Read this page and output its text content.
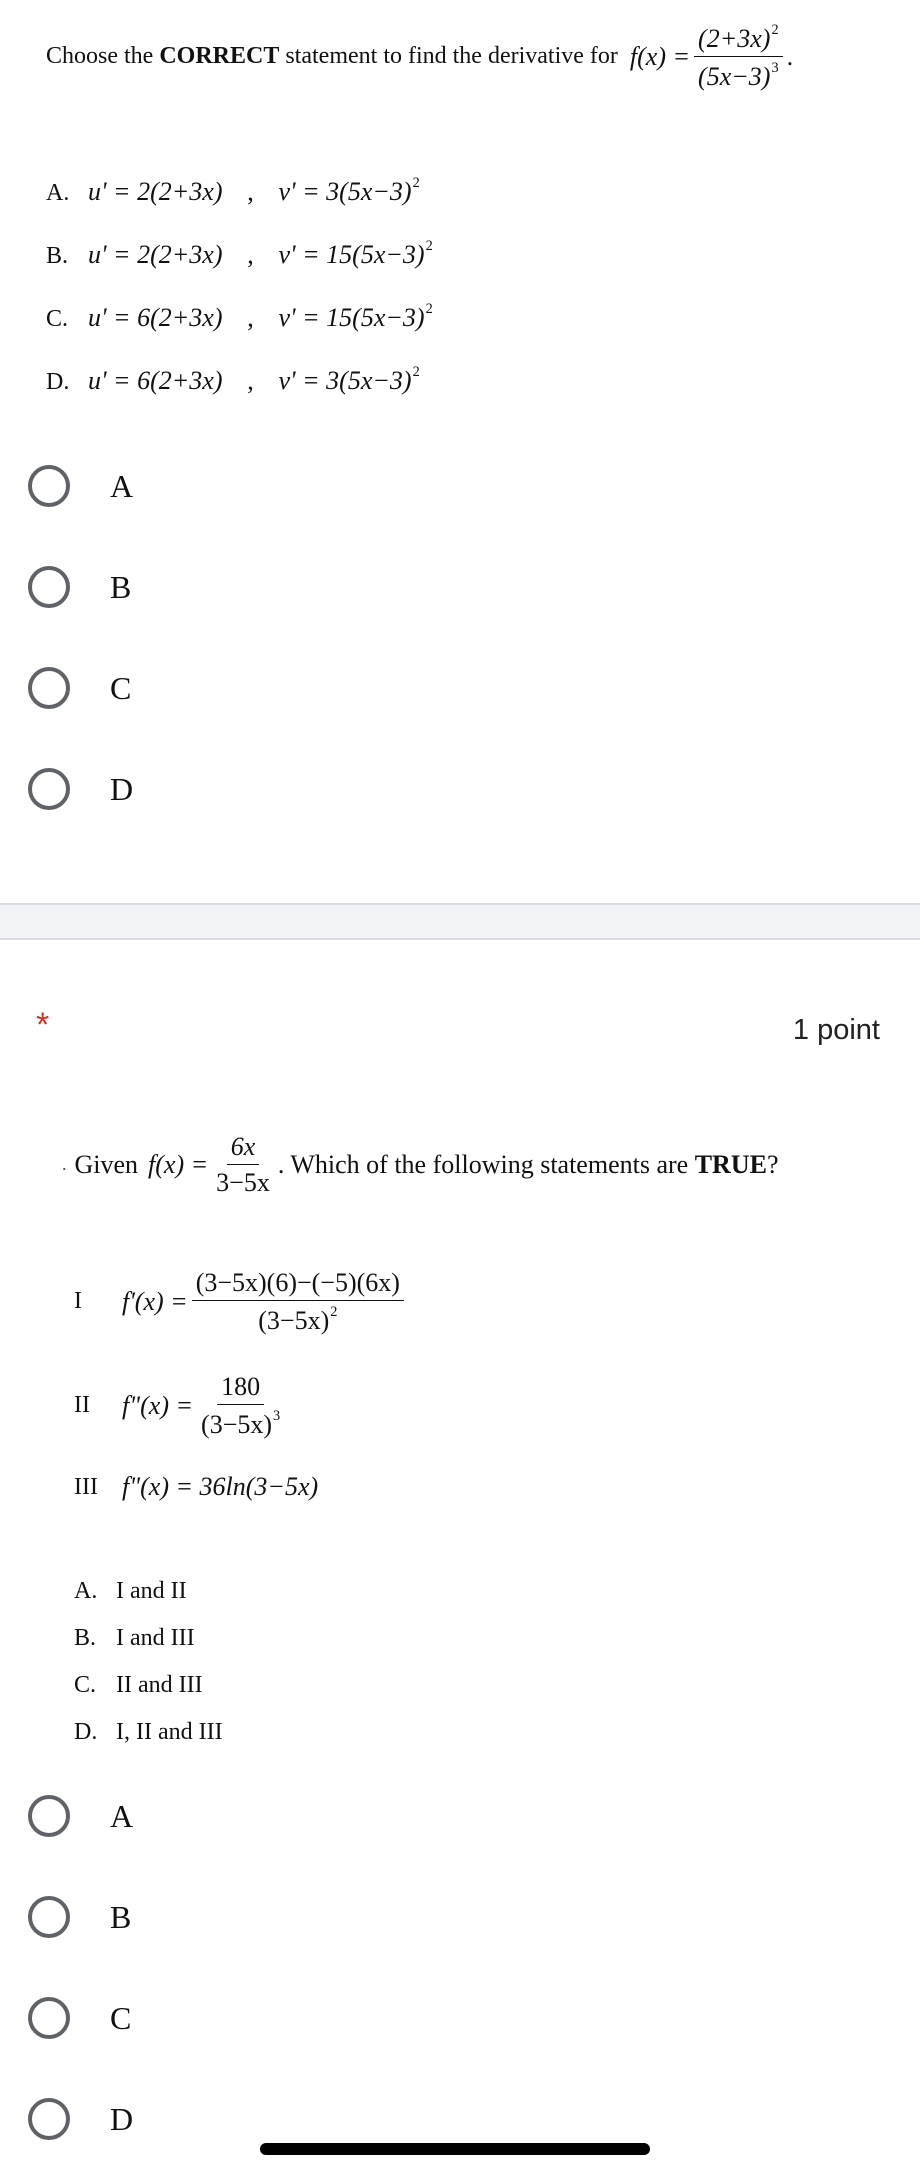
Choose the CORRECT statement to find the derivative for $f(x) = \frac{(2+3x)^2}{(5x-3)^3}$ .
A. u' = 2(2+3x) , $v' = 3(5x-3)^2$
B. u' = 2(2+3x) , $v' = 15(5x-3)^2$
C. u' = 6(2+3x) , $v' = 15(5x-3)^2$
D. u' = 6(2+3x) , $v' = 3(5x-3)^2$
A
B
C
D
*	1 point
. Given $f(x) = \frac{6x}{3-5x}$ . Which of the following statements are TRUE ?
I	$f'(x) = \frac{(3-5x)(6)-(-5)(6x)}{(3-5x)^2}$
II	f"(x) = $\frac{180}{(3-5x)^3}$
III f"(x) = 36ln(3−5x)
A. I and II
B. I and III
C. II and III
D. I, II and III
A
B
C
D
